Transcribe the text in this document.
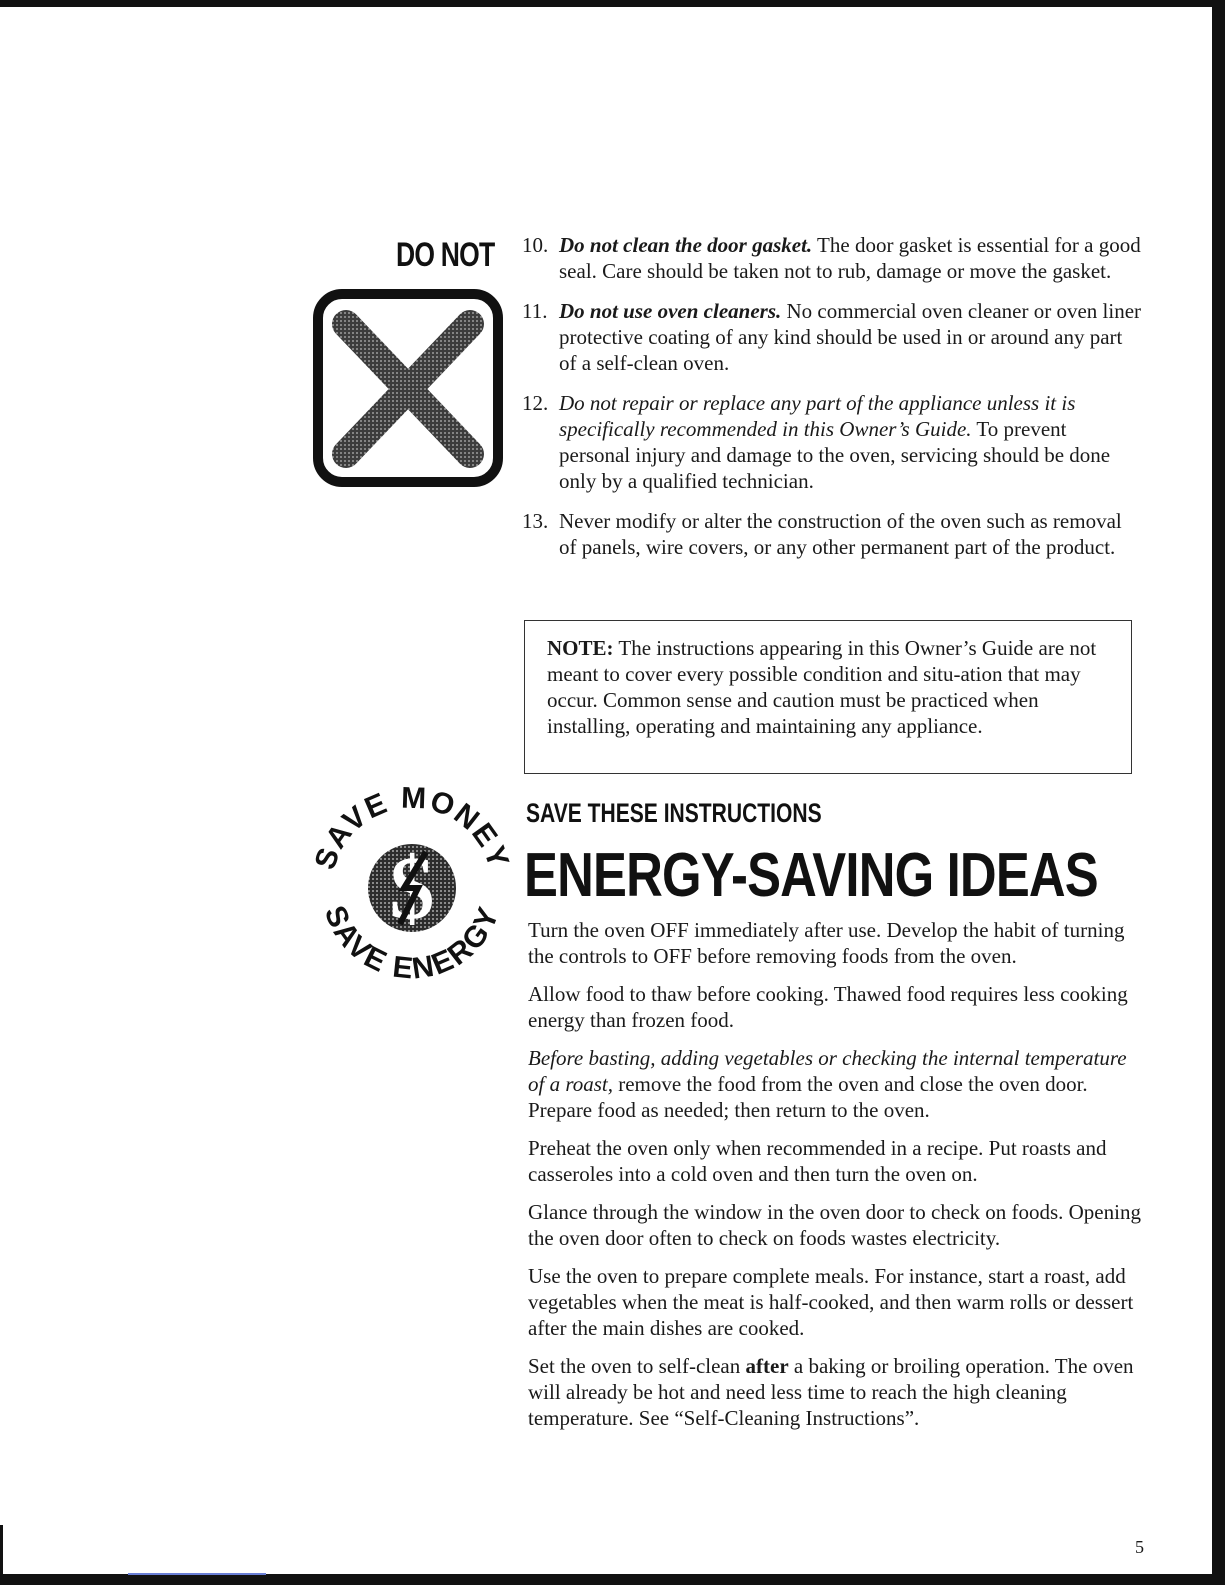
DO NOT 10. Do not clean the door gasket. The door gasket is essential for a good seal. Care should be taken not to rub, damage or move the gasket.
11. Do not use oven cleaners. No commercial oven cleaner or oven liner protective coating of any kind should be used in or around any part of a self-clean oven.
12. Do not repair or replace any part of the appliance unless it is specifically recommended in this Owner’s Guide. To prevent personal injury and damage to the oven, servicing should be done only by a qualified technician.
13. Never modify or alter the construction of the oven such as removal of panels, wire covers, or any other permanent part of the product.
NOTE: The instructions appearing in this Owner’s Guide are not meant to cover every possible condition and situ-ation that may occur. Common sense and caution must be practiced when installing, operating and maintaining any appliance.
SAVE MONEY
SAVE ENERGY
$
SAVE THESE INSTRUCTIONS
ENERGY-SAVING IDEAS

Turn the oven OFF immediately after use. Develop the habit of turning the controls to OFF before removing foods from the oven.

Allow food to thaw before cooking. Thawed food requires less cooking energy than frozen food.

Before basting, adding vegetables or checking the internal temperature of a roast, remove the food from the oven and close the oven door. Prepare food as needed; then return to the oven.

Preheat the oven only when recommended in a recipe. Put roasts and casseroles into a cold oven and then turn the oven on.

Glance through the window in the oven door to check on foods. Opening the oven door often to check on foods wastes electricity.

Use the oven to prepare complete meals. For instance, start a roast, add vegetables when the meat is half-cooked, and then warm rolls or dessert after the main dishes are cooked.

Set the oven to self-clean after a baking or broiling operation. The oven will already be hot and need less time to reach the high cleaning temperature. See “Self-Cleaning Instructions”.

5
